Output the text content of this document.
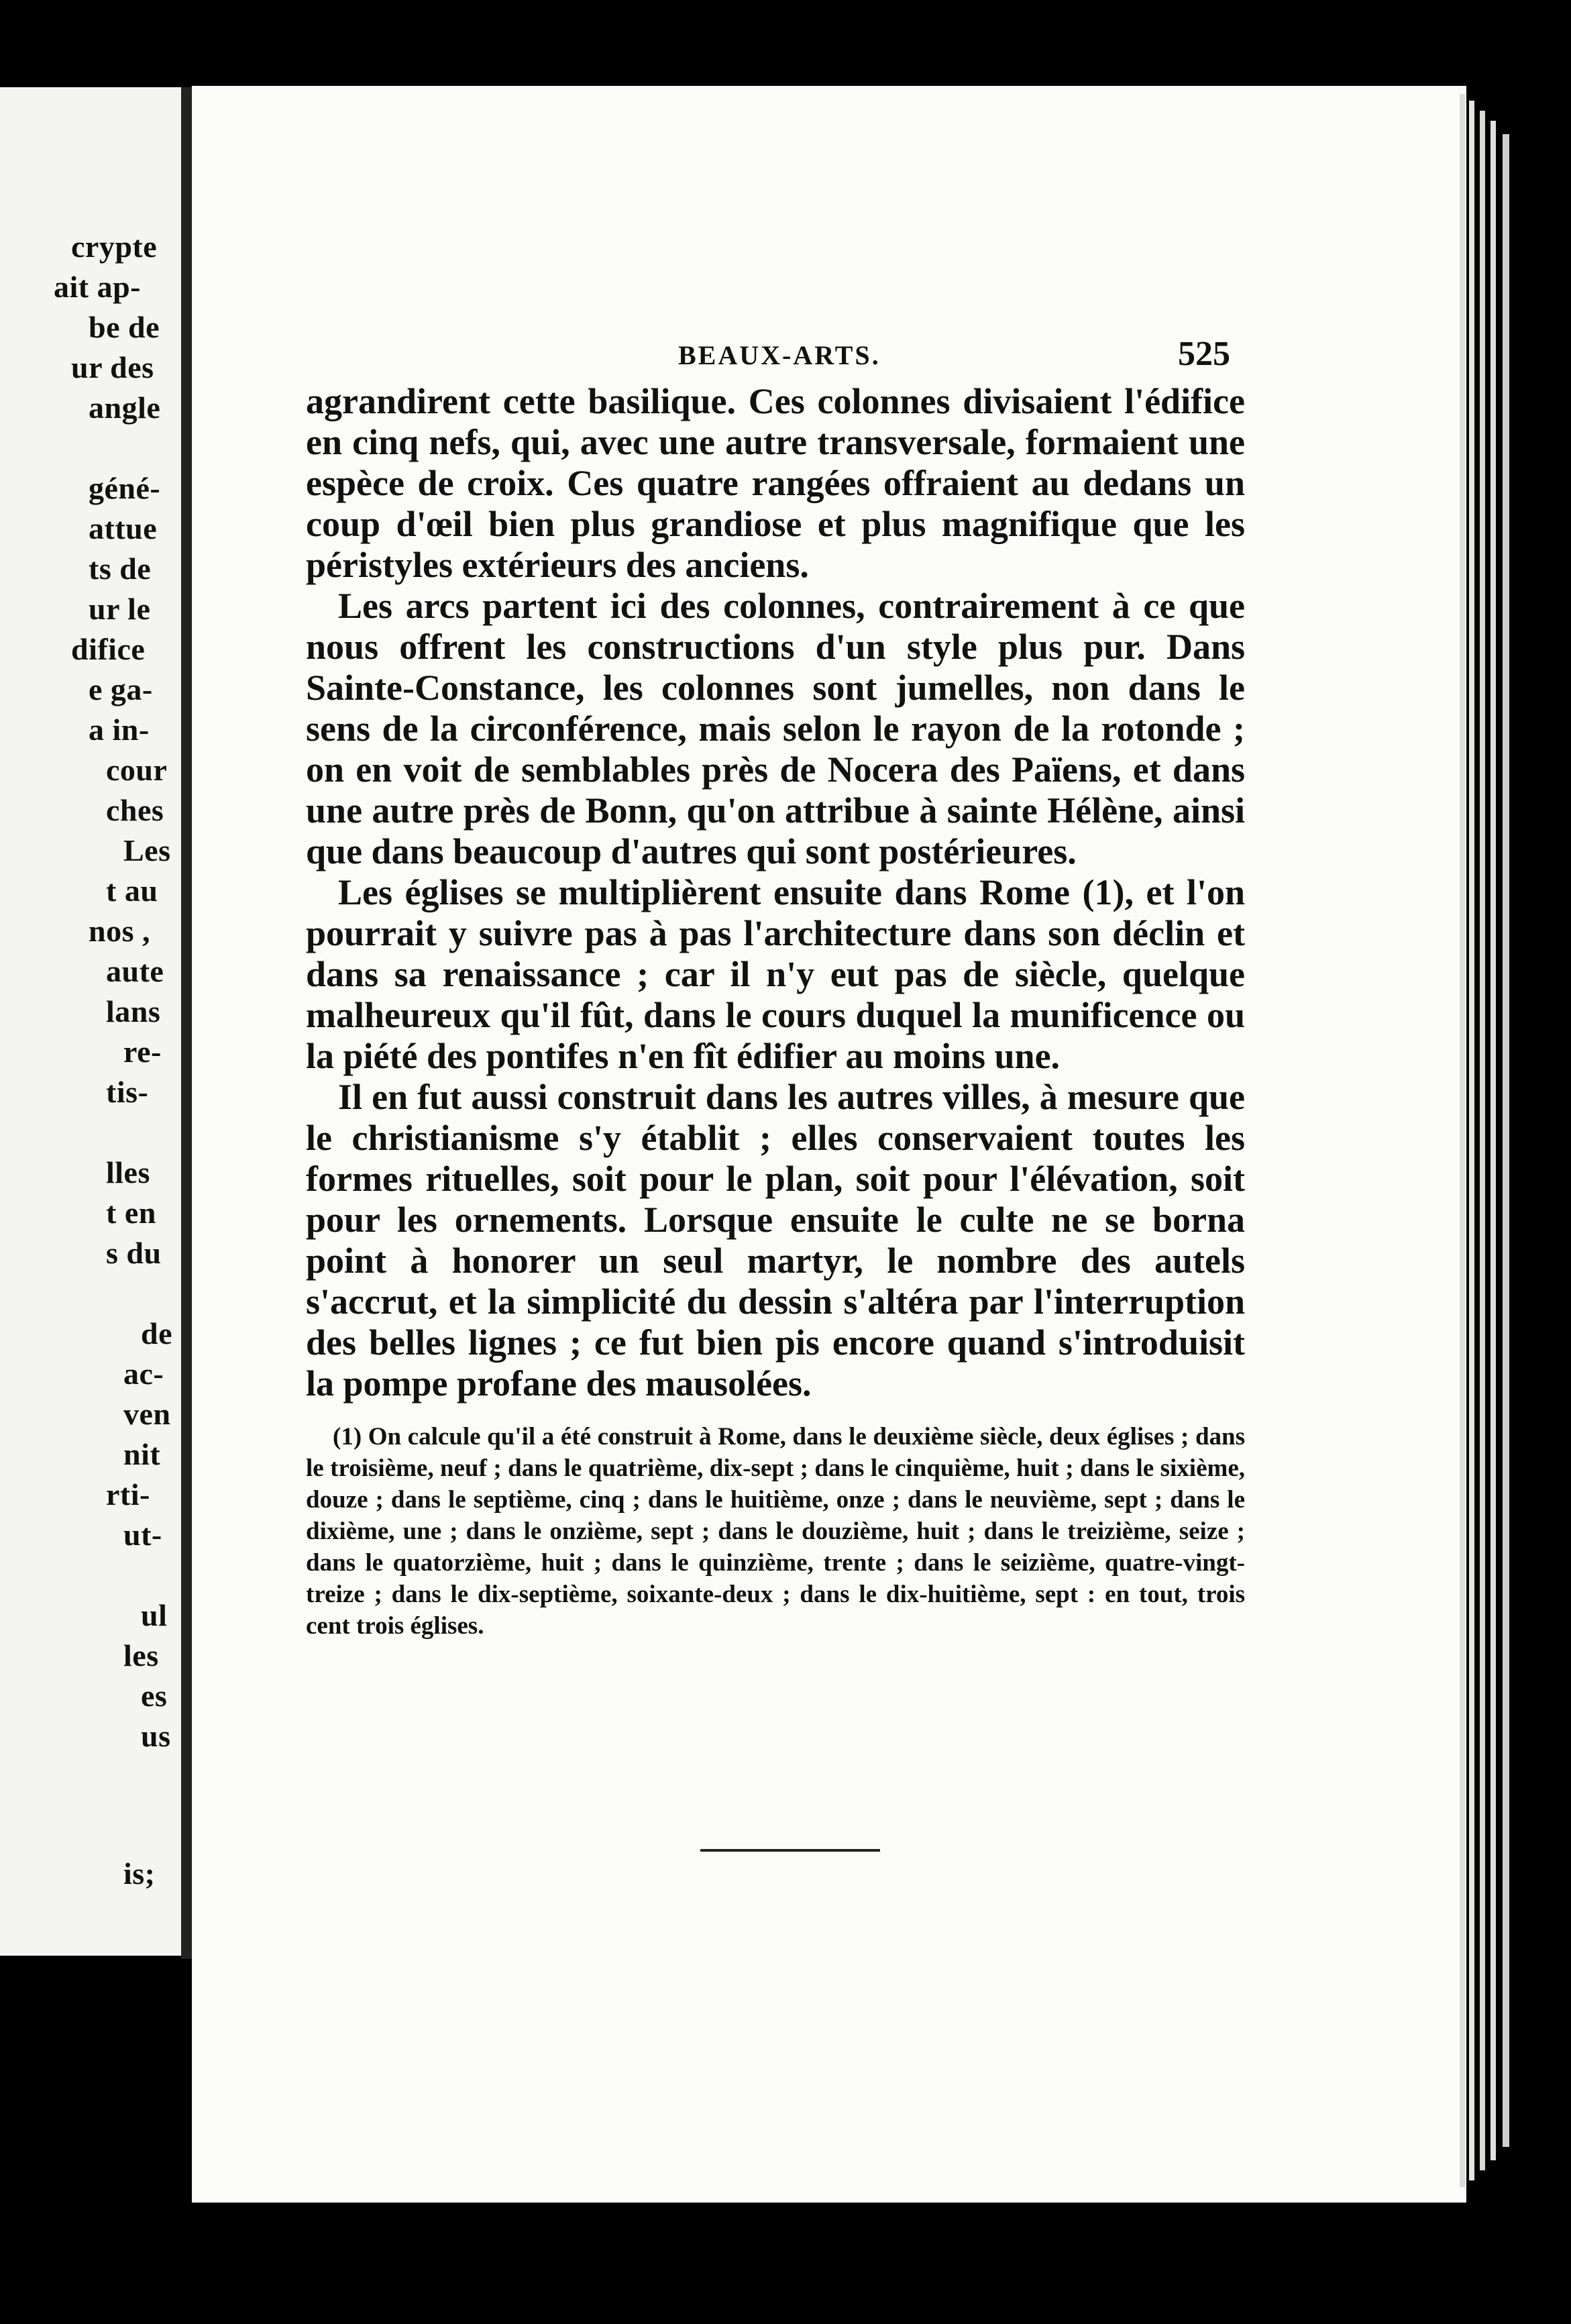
crypte
ait ap-
be de
ur des
angle
géné-
attue
ts de
ur le
difice
e ga-
a in-
cour
ches
Les
t au
nos ,
aute
lans
re-
tis-
lles
t en
s du
de
ac-
ven
nit
rti-
ut-
ul
les
es
us
is;
BEAUX-ARTS.	525

agrandirent cette basilique. Ces colonnes divisaient l'édifice en cinq nefs, qui, avec une autre transversale, formaient une espèce de croix. Ces quatre rangées offraient au dedans un coup d'œil bien plus grandiose et plus magnifique que les péristyles extérieurs des anciens.

Les arcs partent ici des colonnes, contrairement à ce que nous offrent les constructions d'un style plus pur. Dans Sainte-Constance, les colonnes sont jumelles, non dans le sens de la circonférence, mais selon le rayon de la rotonde ; on en voit de semblables près de Nocera des Païens, et dans une autre près de Bonn, qu'on attribue à sainte Hélène, ainsi que dans beaucoup d'autres qui sont postérieures.

Les églises se multiplièrent ensuite dans Rome (1), et l'on pourrait y suivre pas à pas l'architecture dans son déclin et dans sa renaissance ; car il n'y eut pas de siècle, quelque malheureux qu'il fût, dans le cours duquel la munificence ou la piété des pontifes n'en fît édifier au moins une.

Il en fut aussi construit dans les autres villes, à mesure que le christianisme s'y établit ; elles conservaient toutes les formes rituelles, soit pour le plan, soit pour l'élévation, soit pour les ornements. Lorsque ensuite le culte ne se borna point à honorer un seul martyr, le nombre des autels s'accrut, et la simplicité du dessin s'altéra par l'interruption des belles lignes ; ce fut bien pis encore quand s'introduisit la pompe profane des mausolées.

(1) On calcule qu'il a été construit à Rome, dans le deuxième siècle, deux églises ; dans le troisième, neuf ; dans le quatrième, dix-sept ; dans le cinquième, huit ; dans le sixième, douze ; dans le septième, cinq ; dans le huitième, onze ; dans le neuvième, sept ; dans le dixième, une ; dans le onzième, sept ; dans le douzième, huit ; dans le treizième, seize ; dans le quatorzième, huit ; dans le quinzième, trente ; dans le seizième, quatre-vingt-treize ; dans le dix-septième, soixante-deux ; dans le dix-huitième, sept : en tout, trois cent trois églises.
